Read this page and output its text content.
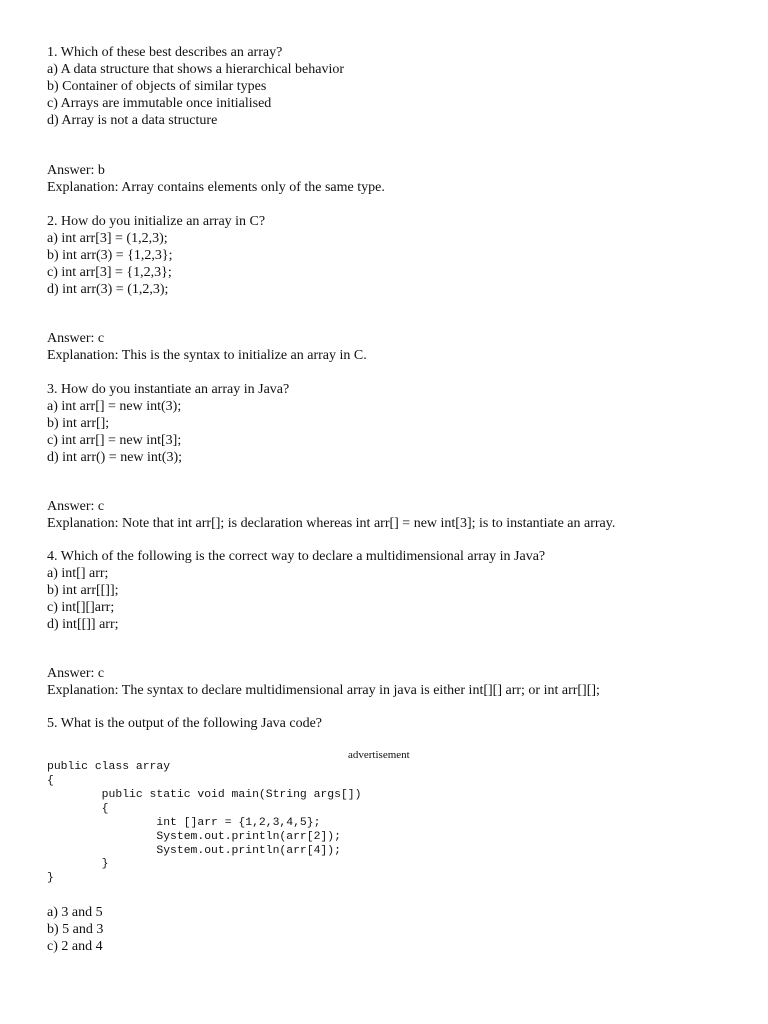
1. Which of these best describes an array?
a) A data structure that shows a hierarchical behavior
b) Container of objects of similar types
c) Arrays are immutable once initialised
d) Array is not a data structure
Answer: b
Explanation: Array contains elements only of the same type.
2. How do you initialize an array in C?
a) int arr[3] = (1,2,3);
b) int arr(3) = {1,2,3};
c) int arr[3] = {1,2,3};
d) int arr(3) = (1,2,3);
Answer: c
Explanation: This is the syntax to initialize an array in C.
3. How do you instantiate an array in Java?
a) int arr[] = new int(3);
b) int arr[];
c) int arr[] = new int[3];
d) int arr() = new int(3);
Answer: c
Explanation: Note that int arr[]; is declaration whereas int arr[] = new int[3]; is to instantiate an array.
4. Which of the following is the correct way to declare a multidimensional array in Java?
a) int[] arr;
b) int arr[[]];
c) int[][]arr;
d) int[[]] arr;
Answer: c
Explanation: The syntax to declare multidimensional array in java is either int[][] arr; or int arr[][];
5. What is the output of the following Java code?
advertisement
public class array
{
public static void main(String args[])
{
int []arr = {1,2,3,4,5};
System.out.println(arr[2]);
System.out.println(arr[4]);
}
}
a) 3 and 5
b) 5 and 3
c) 2 and 4
